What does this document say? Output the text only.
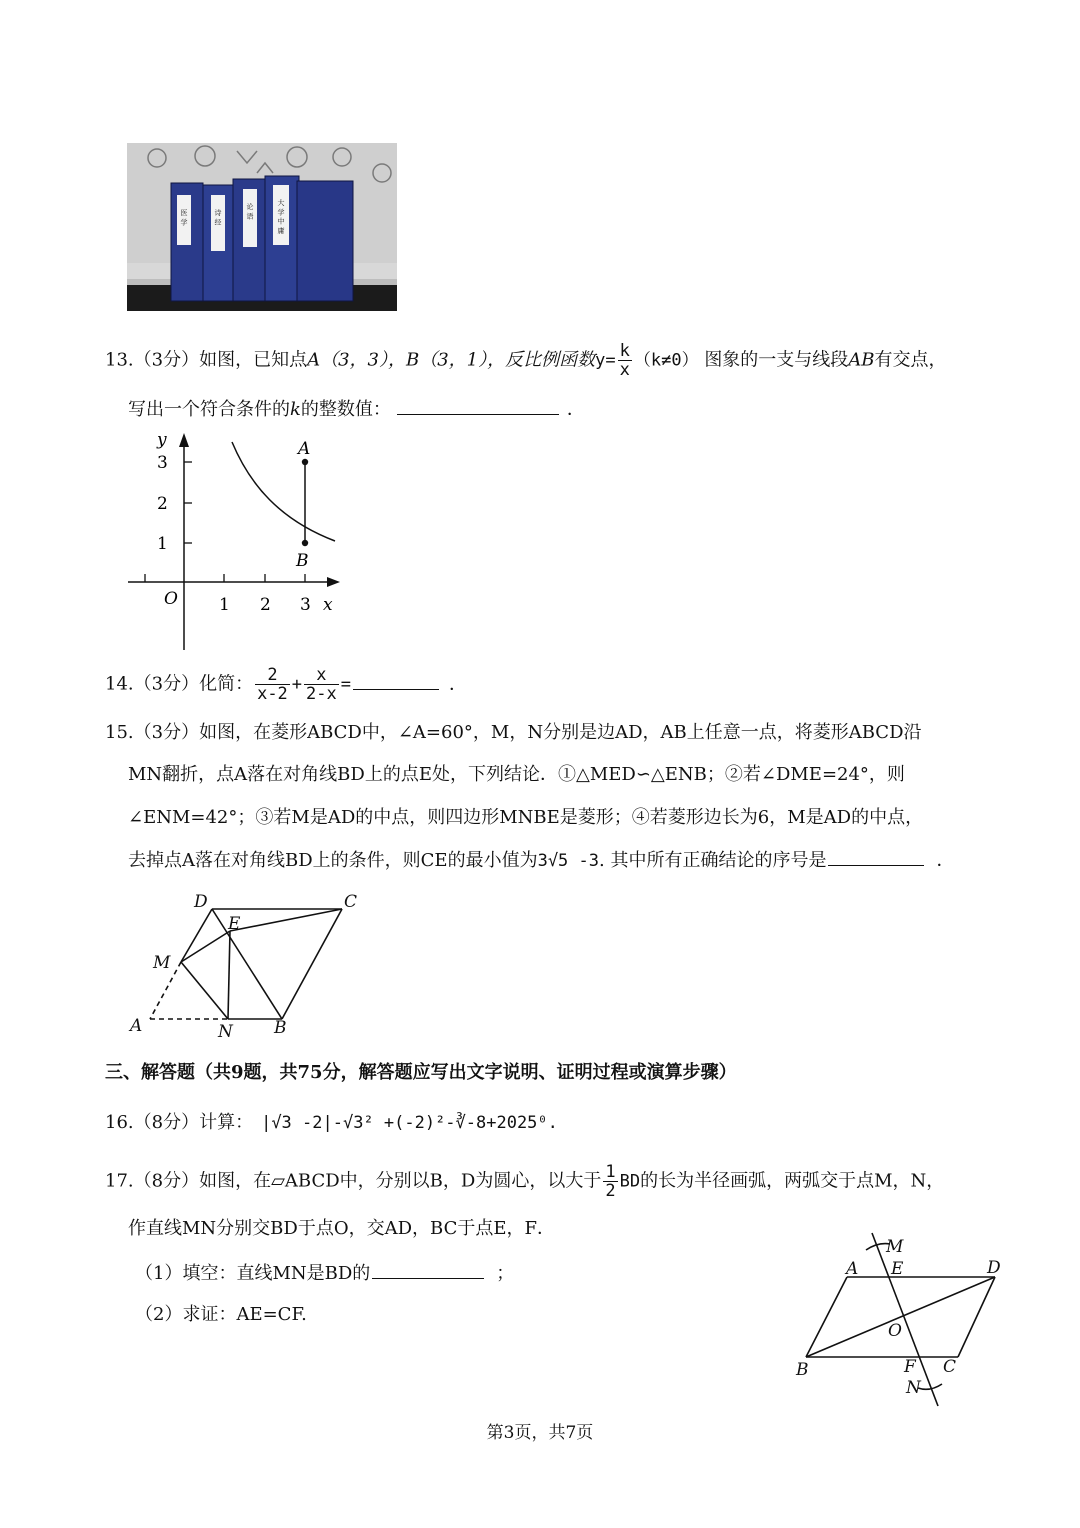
医 学	诗 经	论 语	大 学 中 庸
13.（3分）如图，已知点A（3，3），B（3，1），反比例函数$y= \frac{k}{x} (k\ne 0)$ 图象的一支与线段AB有交点，
写出一个符合条件的k的整数值：	．
y
3
2
1
O 1 2 3 x
A
B
14.（3分）化简： $\frac{2}{x-2} + \frac{x}{2-x}$ =	．
15.（3分）如图，在菱形ABCD中，∠A=60°，M，N分别是边AD，AB上任意一点，将菱形ABCD沿
MN翻折，点A落在对角线BD上的点E处，下列结论．①△MED∽△ENB；②若∠DME=24°，则
∠ENM=42°；③若M是AD的中点，则四边形MNBE是菱形；④若菱形边长为6，M是AD的中点，
去掉点A落在对角线BD上的条件，则CE的最小值为3√5 -3. 其中所有正确结论的序号是	．
D	C
E
M
A	N B
三、解答题（共9题，共75分，解答题应写出文字说明、证明过程或演算步骤）
16.（8分）计算： |√3 -2|-√3² +(-2)²-∛-8+2025⁰.
17.（8分）如图，在▱ABCD中，分别以B，D为圆心，以大于 $\frac{1}{2}$ BD的长为半径画弧，两弧交于点M，N，
作直线MN分别交BD于点O，交AD，BC于点E，F．
（1）填空：直线MN是BD的	；
（2）求证：AE=CF.
M
A E	D
O
B	F C
N
第3页，共7页
